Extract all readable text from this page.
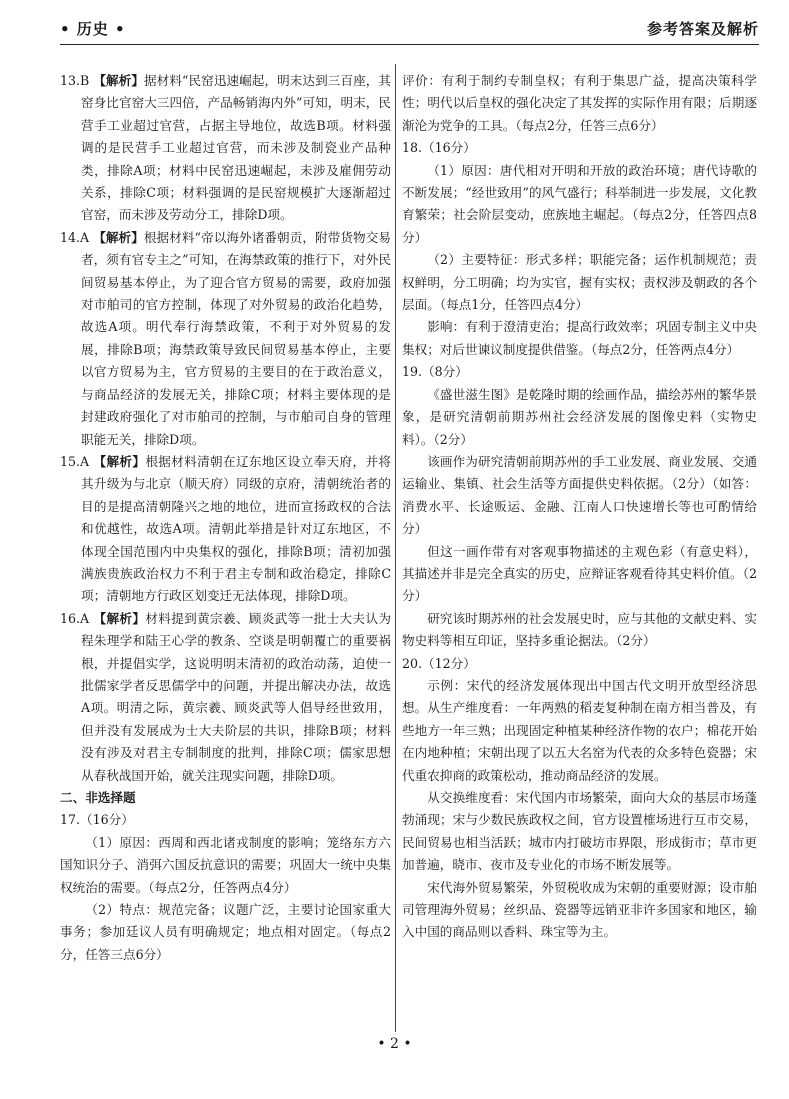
• 历史 •	参考答案及解析

13.B 【解析】据材料“民窑迅速崛起，明末达到三百座，其窑身比官窑大三四倍，产品畅销海内外”可知，明末，民营手工业超过官营，占据主导地位，故选B项。材料强调的是民营手工业超过官营，而未涉及制瓷业产品种类，排除A项；材料中民窑迅速崛起，未涉及雇佣劳动关系，排除C项；材料强调的是民窑规模扩大逐渐超过官窑，而未涉及劳动分工，排除D项。

14.A 【解析】根据材料“帝以海外诸番朝贡，附带货物交易者，须有官专主之”可知，在海禁政策的推行下，对外民间贸易基本停止，为了迎合官方贸易的需要，政府加强对市舶司的官方控制，体现了对外贸易的政治化趋势，故选A项。明代奉行海禁政策，不利于对外贸易的发展，排除B项；海禁政策导致民间贸易基本停止，主要以官方贸易为主，官方贸易的主要目的在于政治意义，与商品经济的发展无关，排除C项；材料主要体现的是封建政府强化了对市舶司的控制，与市舶司自身的管理职能无关，排除D项。

15.A 【解析】根据材料清朝在辽东地区设立奉天府，并将其升级为与北京（顺天府）同级的京府，清朝统治者的目的是提高清朝隆兴之地的地位，进而宣扬政权的合法和优越性，故选A项。清朝此举措是针对辽东地区，不体现全国范围内中央集权的强化，排除B项；清初加强满族贵族政治权力不利于君主专制和政治稳定，排除C项；清朝地方行政区划变迁无法体现，排除D项。

16.A 【解析】材料提到黄宗羲、顾炎武等一批士大夫认为程朱理学和陆王心学的教条、空谈是明朝覆亡的重要祸根，并提倡实学，这说明明末清初的政治动荡，迫使一批儒家学者反思儒学中的问题，并提出解决办法，故选A项。明清之际，黄宗羲、顾炎武等人倡导经世致用，但并没有发展成为士大夫阶层的共识，排除B项；材料没有涉及对君主专制制度的批判，排除C项；儒家思想从春秋战国开始，就关注现实问题，排除D项。

二、非选择题

17.（16分）

（1）原因：西周和西北诸戎制度的影响；笼络东方六国知识分子、消弭六国反抗意识的需要；巩固大一统中央集权统治的需要。（每点2分，任答两点4分）

（2）特点：规范完备；议题广泛，主要讨论国家重大事务；参加廷议人员有明确规定；地点相对固定。（每点2分，任答三点6分）

评价：有利于制约专制皇权；有利于集思广益，提高决策科学性；明代以后皇权的强化决定了其发挥的实际作用有限；后期逐渐沦为党争的工具。（每点2分，任答三点6分）

18.（16分）

（1）原因：唐代相对开明和开放的政治环境；唐代诗歌的不断发展；“经世致用”的风气盛行；科举制进一步发展，文化教育繁荣；社会阶层变动，庶族地主崛起。（每点2分，任答四点8分）

（2）主要特征：形式多样；职能完备；运作机制规范；责权鲜明，分工明确；均为实官，握有实权；责权涉及朝政的各个层面。（每点1分，任答四点4分）

影响：有利于澄清吏治；提高行政效率；巩固专制主义中央集权；对后世谏议制度提供借鉴。（每点2分，任答两点4分）

19.（8分）

《盛世滋生图》是乾隆时期的绘画作品，描绘苏州的繁华景象，是研究清朝前期苏州社会经济发展的图像史料（实物史料）。（2分）

该画作为研究清朝前期苏州的手工业发展、商业发展、交通运输业、集镇、社会生活等方面提供史料依据。（2分）（如答：消费水平、长途贩运、金融、江南人口快速增长等也可酌情给分）

但这一画作带有对客观事物描述的主观色彩（有意史料），其描述并非是完全真实的历史，应辩证客观看待其史料价值。（2分）

研究该时期苏州的社会发展史时，应与其他的文献史料、实物史料等相互印证，坚持多重论据法。（2分）

20.（12分）

示例：宋代的经济发展体现出中国古代文明开放型经济思想。从生产维度看：一年两熟的稻麦复种制在南方相当普及，有些地方一年三熟；出现固定种植某种经济作物的农户；棉花开始在内地种植；宋朝出现了以五大名窑为代表的众多特色瓷器；宋代重农抑商的政策松动，推动商品经济的发展。

从交换维度看：宋代国内市场繁荣，面向大众的基层市场蓬勃涌现；宋与少数民族政权之间，官方设置榷场进行互市交易，民间贸易也相当活跃；城市内打破坊市界限，形成街市；草市更加普遍，晓市、夜市及专业化的市场不断发展等。

宋代海外贸易繁荣，外贸税收成为宋朝的重要财源；设市舶司管理海外贸易；丝织品、瓷器等远销亚非许多国家和地区，输入中国的商品则以香料、珠宝等为主。

• 2 •
